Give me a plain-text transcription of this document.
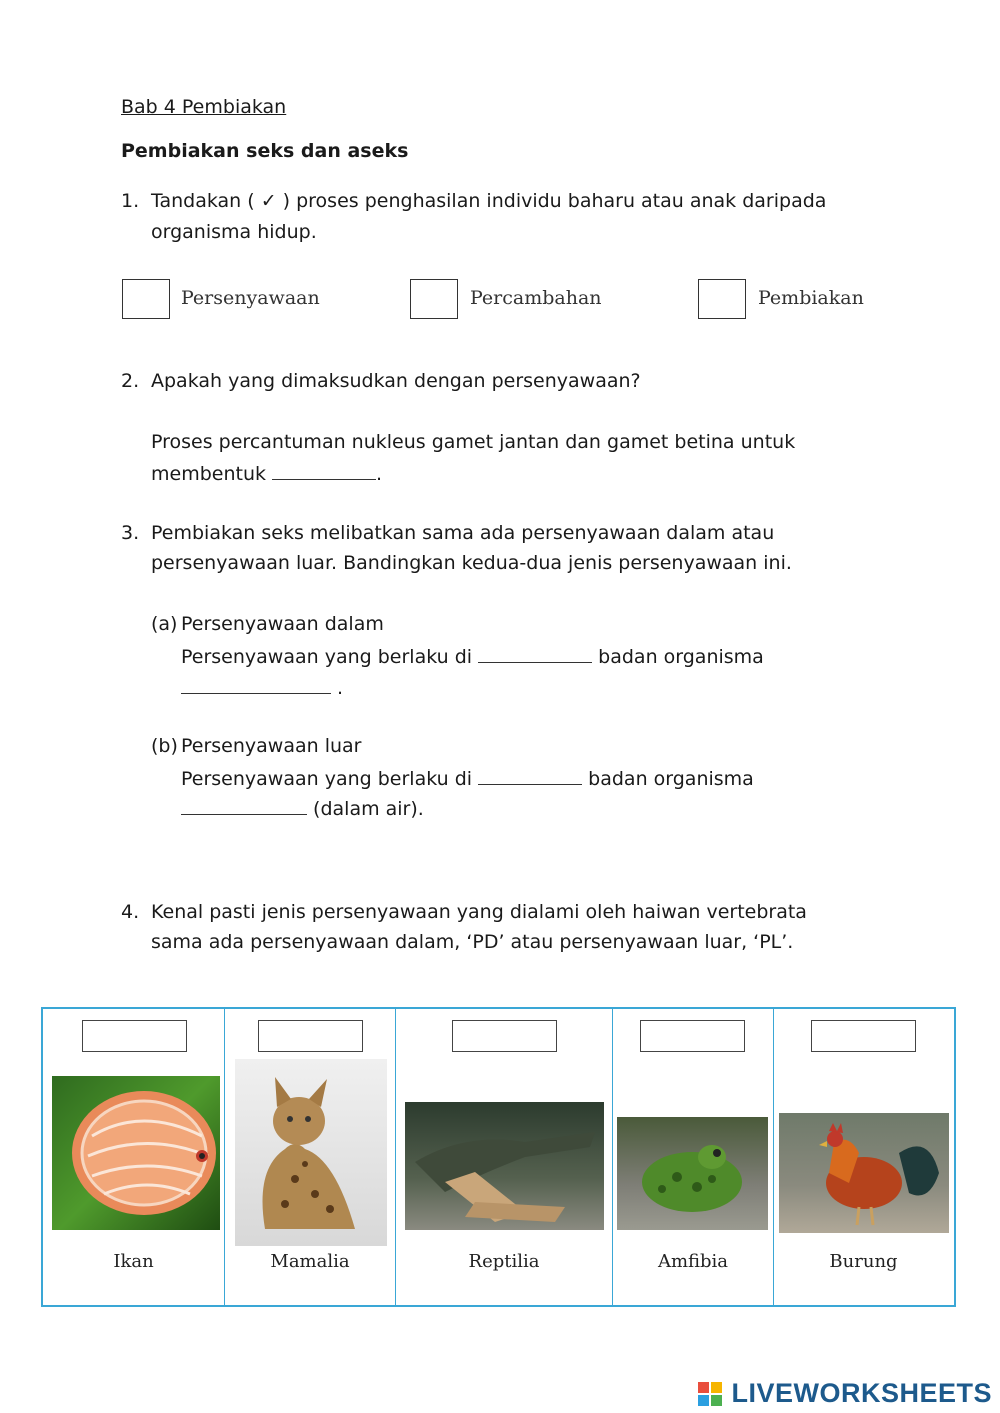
Bab 4 Pembiakan
Pembiakan seks dan aseks
1. Tandakan ( ✓ ) proses penghasilan individu baharu atau anak daripada
organisma hidup.
Persenyawaan	Percambahan	Pembiakan
2. Apakah yang dimaksudkan dengan persenyawaan?
Proses percantuman nukleus gamet jantan dan gamet betina untuk
membentuk	.
3. Pembiakan seks melibatkan sama ada persenyawaan dalam atau
persenyawaan luar. Bandingkan kedua-dua jenis persenyawaan ini.
(a) Persenyawaan dalam
Persenyawaan yang berlaku di	badan organisma
.
(b) Persenyawaan luar
Persenyawaan yang berlaku di	badan organisma
(dalam air).
4. Kenal pasti jenis persenyawaan yang dialami oleh haiwan vertebrata
sama ada persenyawaan dalam, ‘PD’ atau persenyawaan luar, ‘PL’.
Ikan	Mamalia	Reptilia	Amfibia	Burung
LIVEWORKSHEETS
